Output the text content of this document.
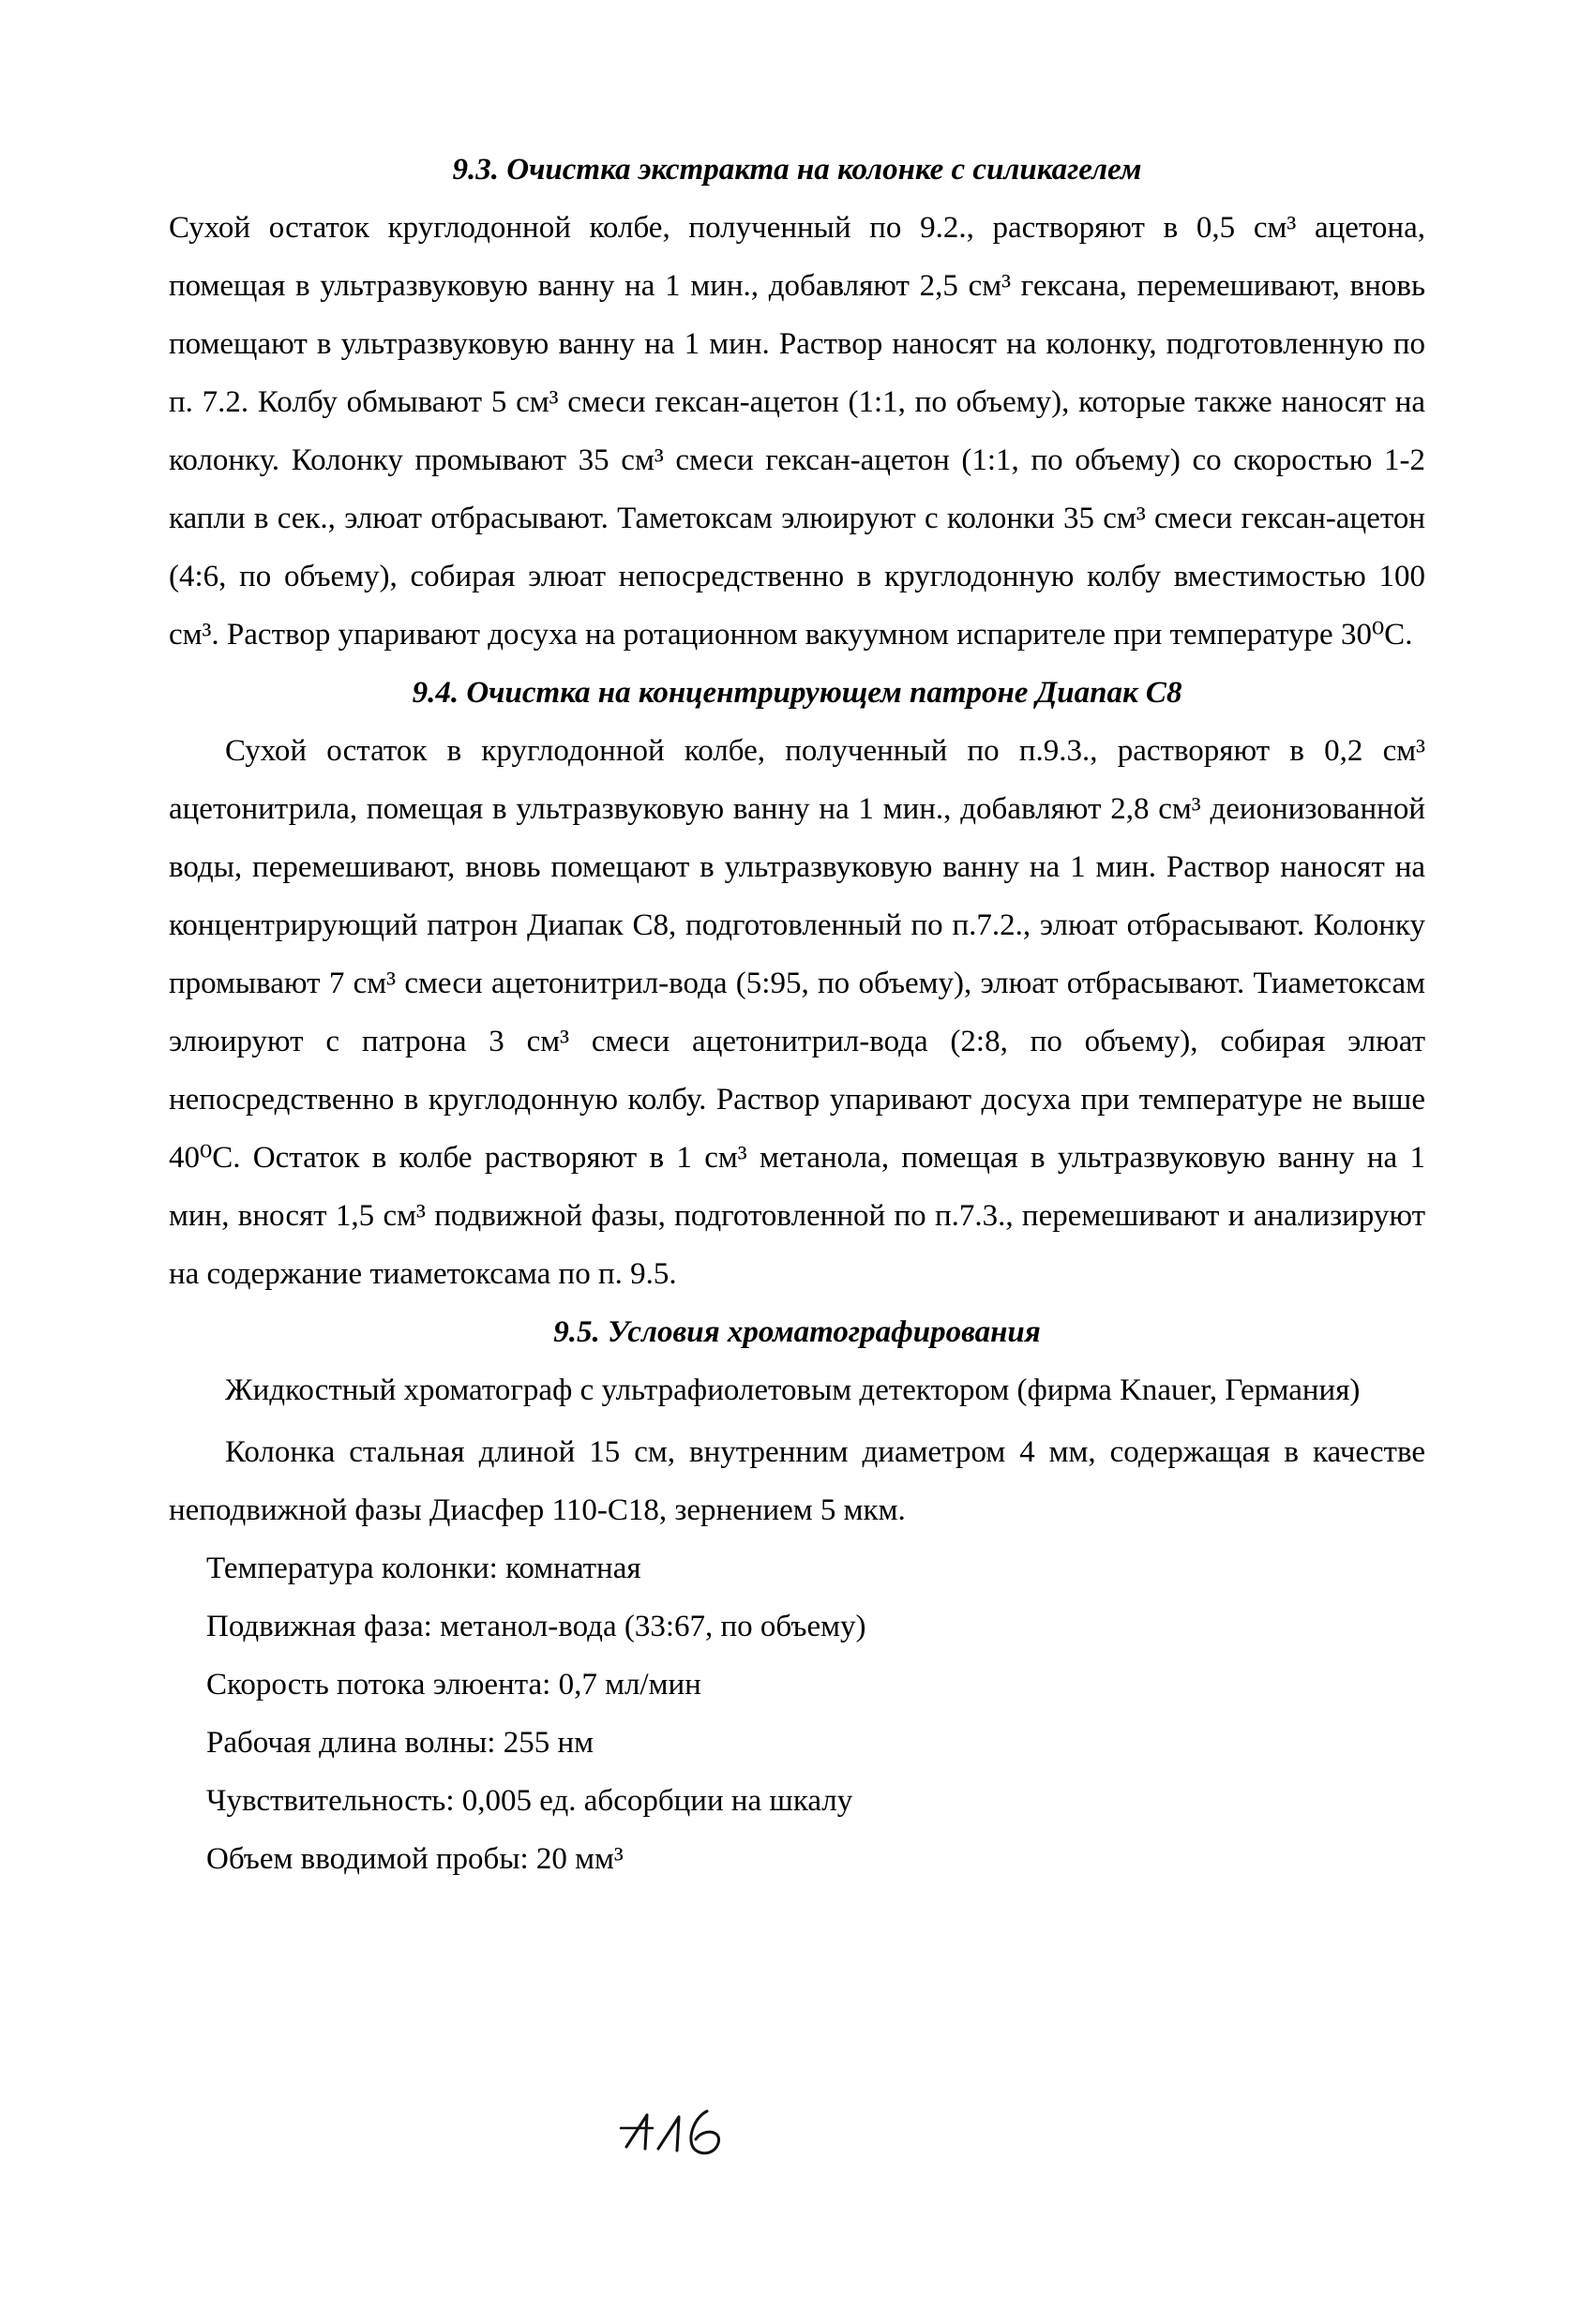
9.3. Очистка экстракта на колонке с силикагелем

Сухой остаток круглодонной колбе, полученный по 9.2., растворяют в 0,5 см³ ацетона, помещая в ультразвуковую ванну на 1 мин., добавляют 2,5 см³ гексана, перемешивают, вновь помещают в ультразвуковую ванну на 1 мин. Раствор наносят на колонку, подготовленную по п. 7.2. Колбу обмывают 5 см³ смеси гексан-ацетон (1:1, по объему), которые также наносят на колонку. Колонку промывают 35 см³ смеси гексан-ацетон (1:1, по объему) со скоростью 1-2 капли в сек., элюат отбрасывают. Таметоксам элюируют с колонки 35 см³ смеси гексан-ацетон (4:6, по объему), собирая элюат непосредственно в круглодонную колбу вместимостью 100 см³. Раствор упаривают досуха на ротационном вакуумном испарителе при температуре 30⁰С.

9.4. Очистка на концентрирующем патроне Диапак С8

Сухой остаток в круглодонной колбе, полученный по п.9.3., растворяют в 0,2 см³ ацетонитрила, помещая в ультразвуковую ванну на 1 мин., добавляют 2,8 см³ деионизованной воды, перемешивают, вновь помещают в ультразвуковую ванну на 1 мин. Раствор наносят на концентрирующий патрон Диапак С8, подготовленный по п.7.2., элюат отбрасывают. Колонку промывают 7 см³ смеси ацетонитрил-вода (5:95, по объему), элюат отбрасывают. Тиаметоксам элюируют с патрона 3 см³ смеси ацетонитрил-вода (2:8, по объему), собирая элюат непосредственно в круглодонную колбу. Раствор упаривают досуха при температуре не выше 40⁰С. Остаток в колбе растворяют в 1 см³ метанола, помещая в ультразвуковую ванну на 1 мин, вносят 1,5 см³ подвижной фазы, подготовленной по п.7.3., перемешивают и анализируют на содержание тиаметоксама по п. 9.5.

9.5. Условия хроматографирования

Жидкостный хроматограф с ультрафиолетовым детектором (фирма Knauer, Германия)

Колонка стальная длиной 15 см, внутренним диаметром 4 мм, содержащая в качестве неподвижной фазы Диасфер 110-С18, зернением 5 мкм.

Температура колонки: комнатная

Подвижная фаза: метанол-вода (33:67, по объему)

Скорость потока элюента: 0,7 мл/мин

Рабочая длина волны: 255 нм

Чувствительность: 0,005 ед. абсорбции на шкалу

Объем вводимой пробы: 20 мм³
